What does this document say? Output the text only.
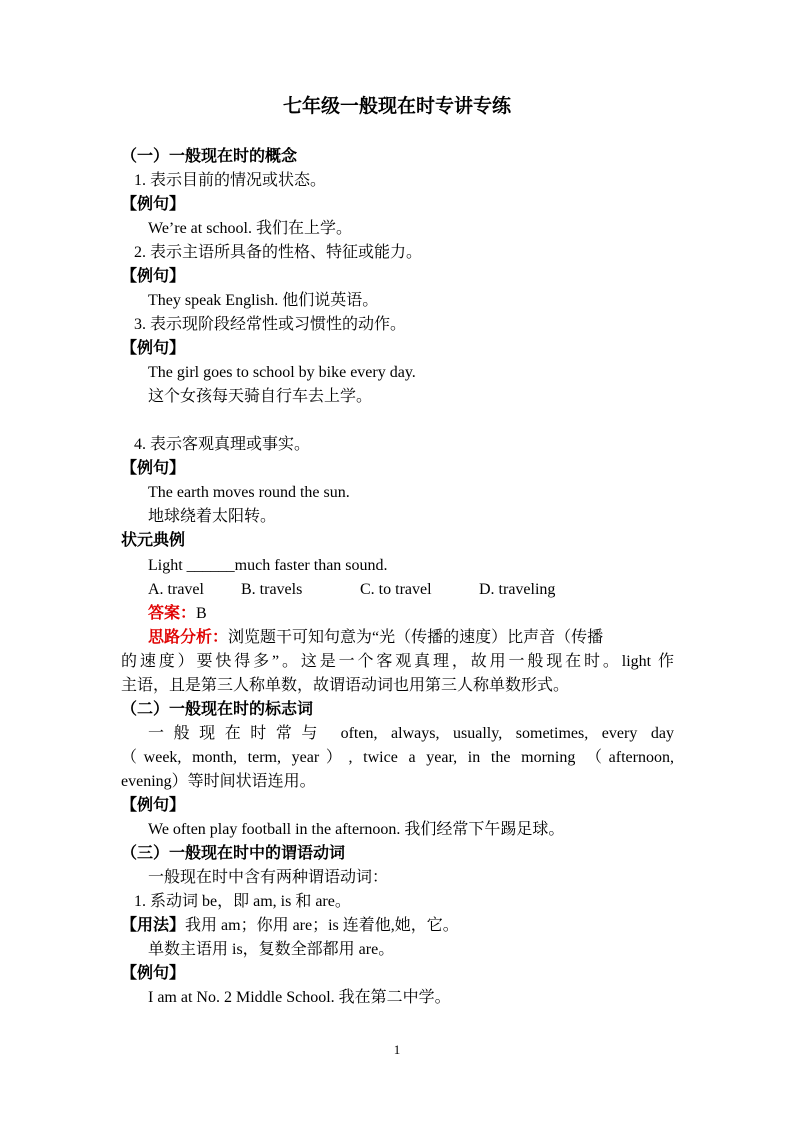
七年级一般现在时专讲专练
（一）一般现在时的概念
1. 表示目前的情况或状态。
【例句】
We’re at school. 我们在上学。
2. 表示主语所具备的性格、特征或能力。
【例句】
They speak English. 他们说英语。
3. 表示现阶段经常性或习惯性的动作。
【例句】
The girl goes to school by bike every day.
这个女孩每天骑自行车去上学。
4. 表示客观真理或事实。
【例句】
The earth moves round the sun.
地球绕着太阳转。
状元典例
Light ______much faster than sound.
A. travel B. travels	C. to travel	D. traveling
答案：B
思路分析：浏览题干可知句意为“光（传播的速度）比声音（传播
的速度）要快得多”。这是一个客观真理，故用一般现在时。light 作
主语，且是第三人称单数，故谓语动词也用第三人称单数形式。
（二）一般现在时的标志词
一般现在时常与 often, always, usually, sometimes, every day
（week, month, term, year）, twice a year, in the morning （afternoon,
evening）等时间状语连用。
【例句】
We often play football in the afternoon. 我们经常下午踢足球。
（三）一般现在时中的谓语动词
一般现在时中含有两种谓语动词：
1. 系动词 be，即 am, is 和 are。
【用法】我用 am；你用 are；is 连着他,她，它。
单数主语用 is，复数全部都用 are。
【例句】
I am at No. 2 Middle School. 我在第二中学。
1
